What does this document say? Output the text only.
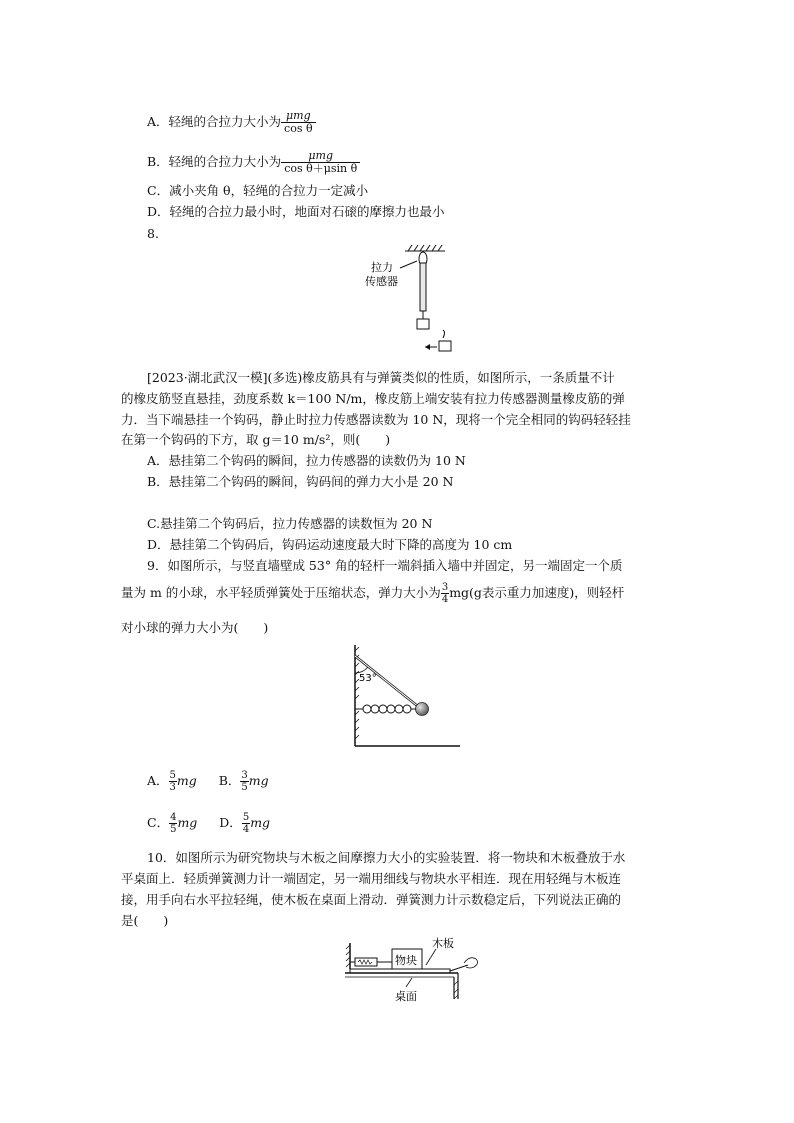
A．轻绳的合拉力大小为 $\frac{\text{μmg}}{\text{cos θ}}$
B．轻绳的合拉力大小为 $\frac{\text{μmg}}{\text{cos θ＋μsin θ}}$
C．减小夹角 θ，轻绳的合拉力一定减小
D．轻绳的合拉力最小时，地面对石磙的摩擦力也最小
8.
拉力
传感器
[2023·湖北武汉一模](多选)橡皮筋具有与弹簧类似的性质，如图所示，一条质量不计
的橡皮筋竖直悬挂，劲度系数 k＝100 N/m，橡皮筋上端安装有拉力传感器测量橡皮筋的弹
力．当下端悬挂一个钩码，静止时拉力传感器读数为 10 N，现将一个完全相同的钩码轻轻挂
在第一个钩码的下方，取 g＝10 m/s²，则(　　)
A．悬挂第二个钩码的瞬间，拉力传感器的读数仍为 10 N
B．悬挂第二个钩码的瞬间，钩码间的弹力大小是 20 N
C.悬挂第二个钩码后，拉力传感器的读数恒为 20 N
D．悬挂第二个钩码后，钩码运动速度最大时下降的高度为 10 cm
9．如图所示，与竖直墙壁成 53° 角的轻杆一端斜插入墙中并固定，另一端固定一个质
量为 m 的小球，水平轻质弹簧处于压缩状态，弹力大小为 $\frac{3}{4} mg(g$表示重力加速度)，则轻杆
对小球的弹力大小为(　　)
53°
A． $\frac{5}{3}$ mg B． $\frac{3}{5}$ mg
C． $\frac{4}{5}$ mg D． $\frac{5}{4}$ mg
10．如图所示为研究物块与木板之间摩擦力大小的实验装置．将一物块和木板叠放于水
平桌面上．轻质弹簧测力计一端固定，另一端用细线与物块水平相连．现在用轻绳与木板连
接，用手向右水平拉轻绳，使木板在桌面上滑动．弹簧测力计示数稳定后，下列说法正确的
是(　　)
物块
木板
桌面
